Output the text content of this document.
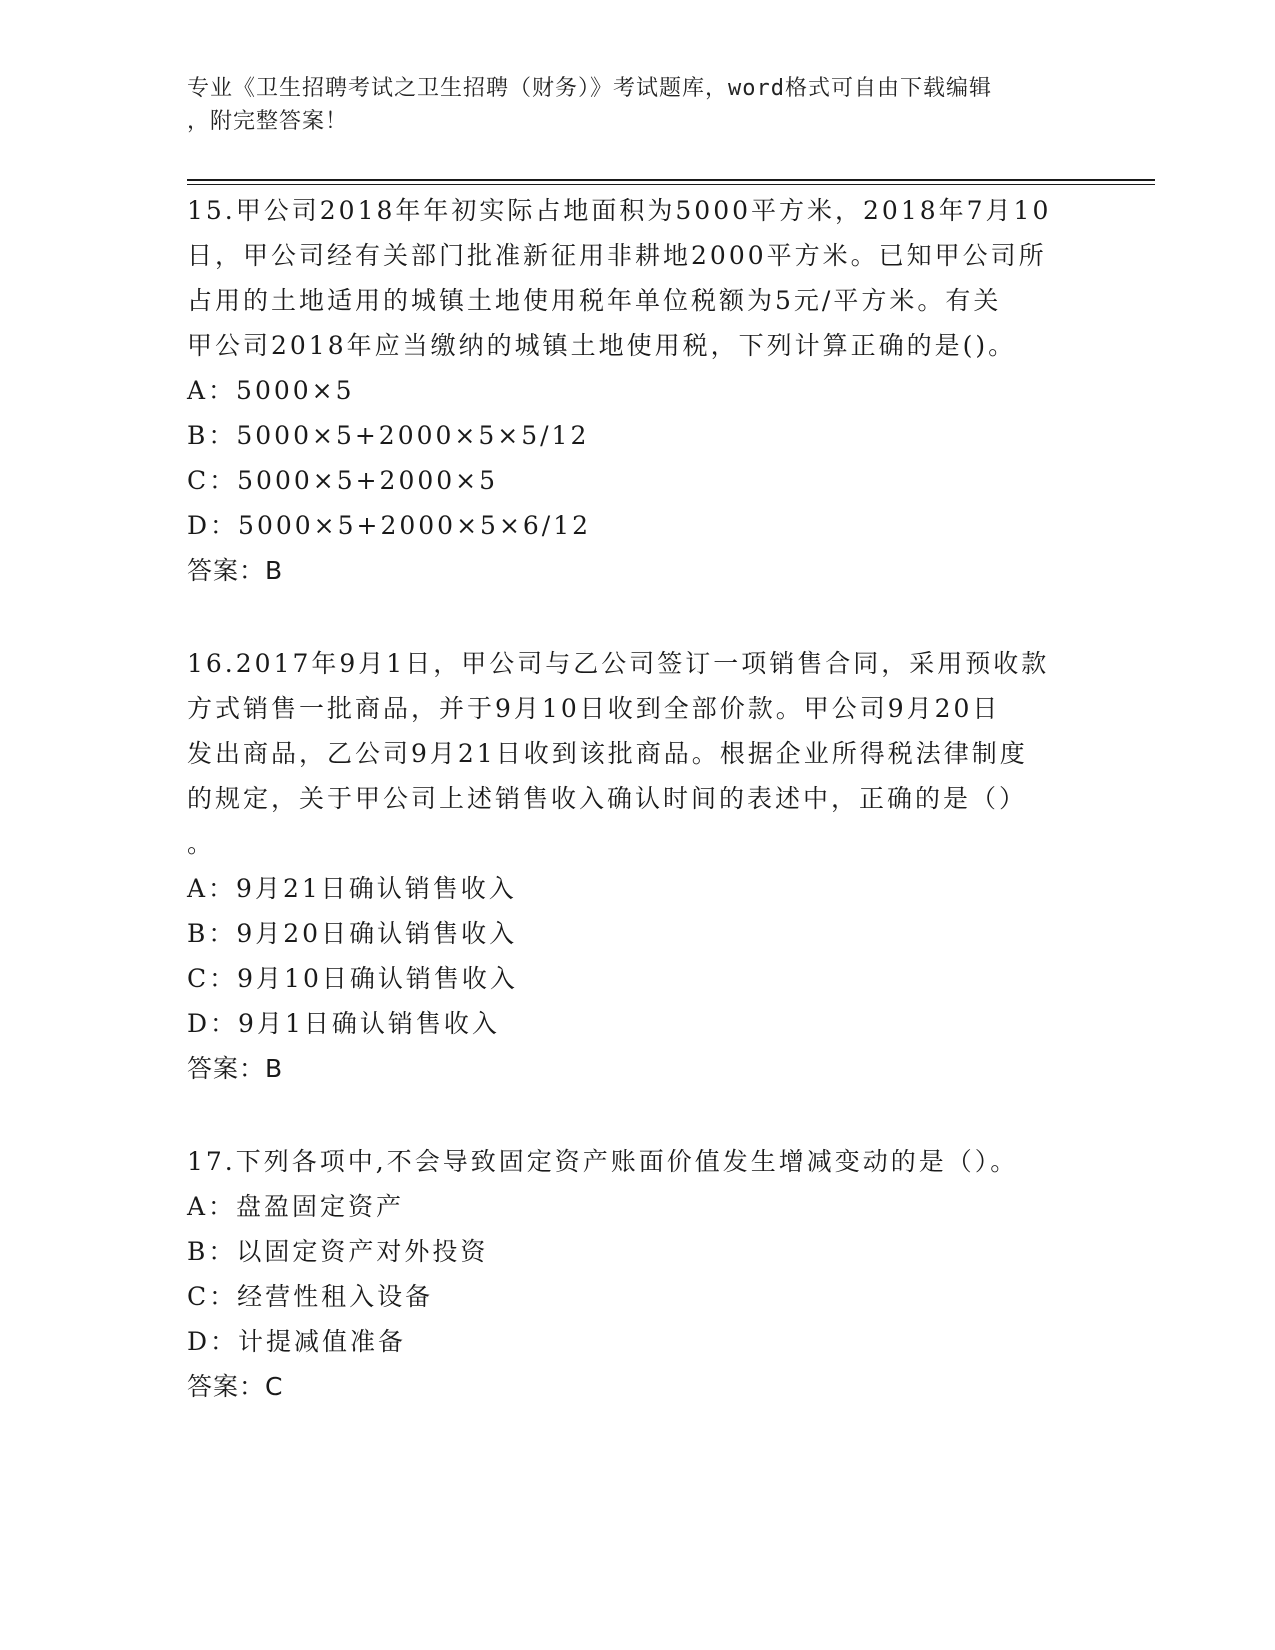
专业《卫生招聘考试之卫生招聘（财务）》考试题库，word格式可自由下载编辑
，附完整答案！
15.甲公司2018年年初实际占地面积为5000平方米，2018年7月10
日，甲公司经有关部门批准新征用非耕地2000平方米。已知甲公司所
占用的土地适用的城镇土地使用税年单位税额为5元/平方米。有关
甲公司2018年应当缴纳的城镇土地使用税，下列计算正确的是()。
A：5000×5
B：5000×5+2000×5×5/12
C：5000×5+2000×5
D：5000×5+2000×5×6/12
答案：B
16.2017年9月1日，甲公司与乙公司签订一项销售合同，采用预收款
方式销售一批商品，并于9月10日收到全部价款。甲公司9月20日
发出商品，乙公司9月21日收到该批商品。根据企业所得税法律制度
的规定，关于甲公司上述销售收入确认时间的表述中，正确的是（）
。
A：9月21日确认销售收入
B：9月20日确认销售收入
C：9月10日确认销售收入
D：9月1日确认销售收入
答案：B
17.下列各项中,不会导致固定资产账面价值发生增减变动的是（）。
A：盘盈固定资产
B：以固定资产对外投资
C：经营性租入设备
D：计提减值准备
答案：C
